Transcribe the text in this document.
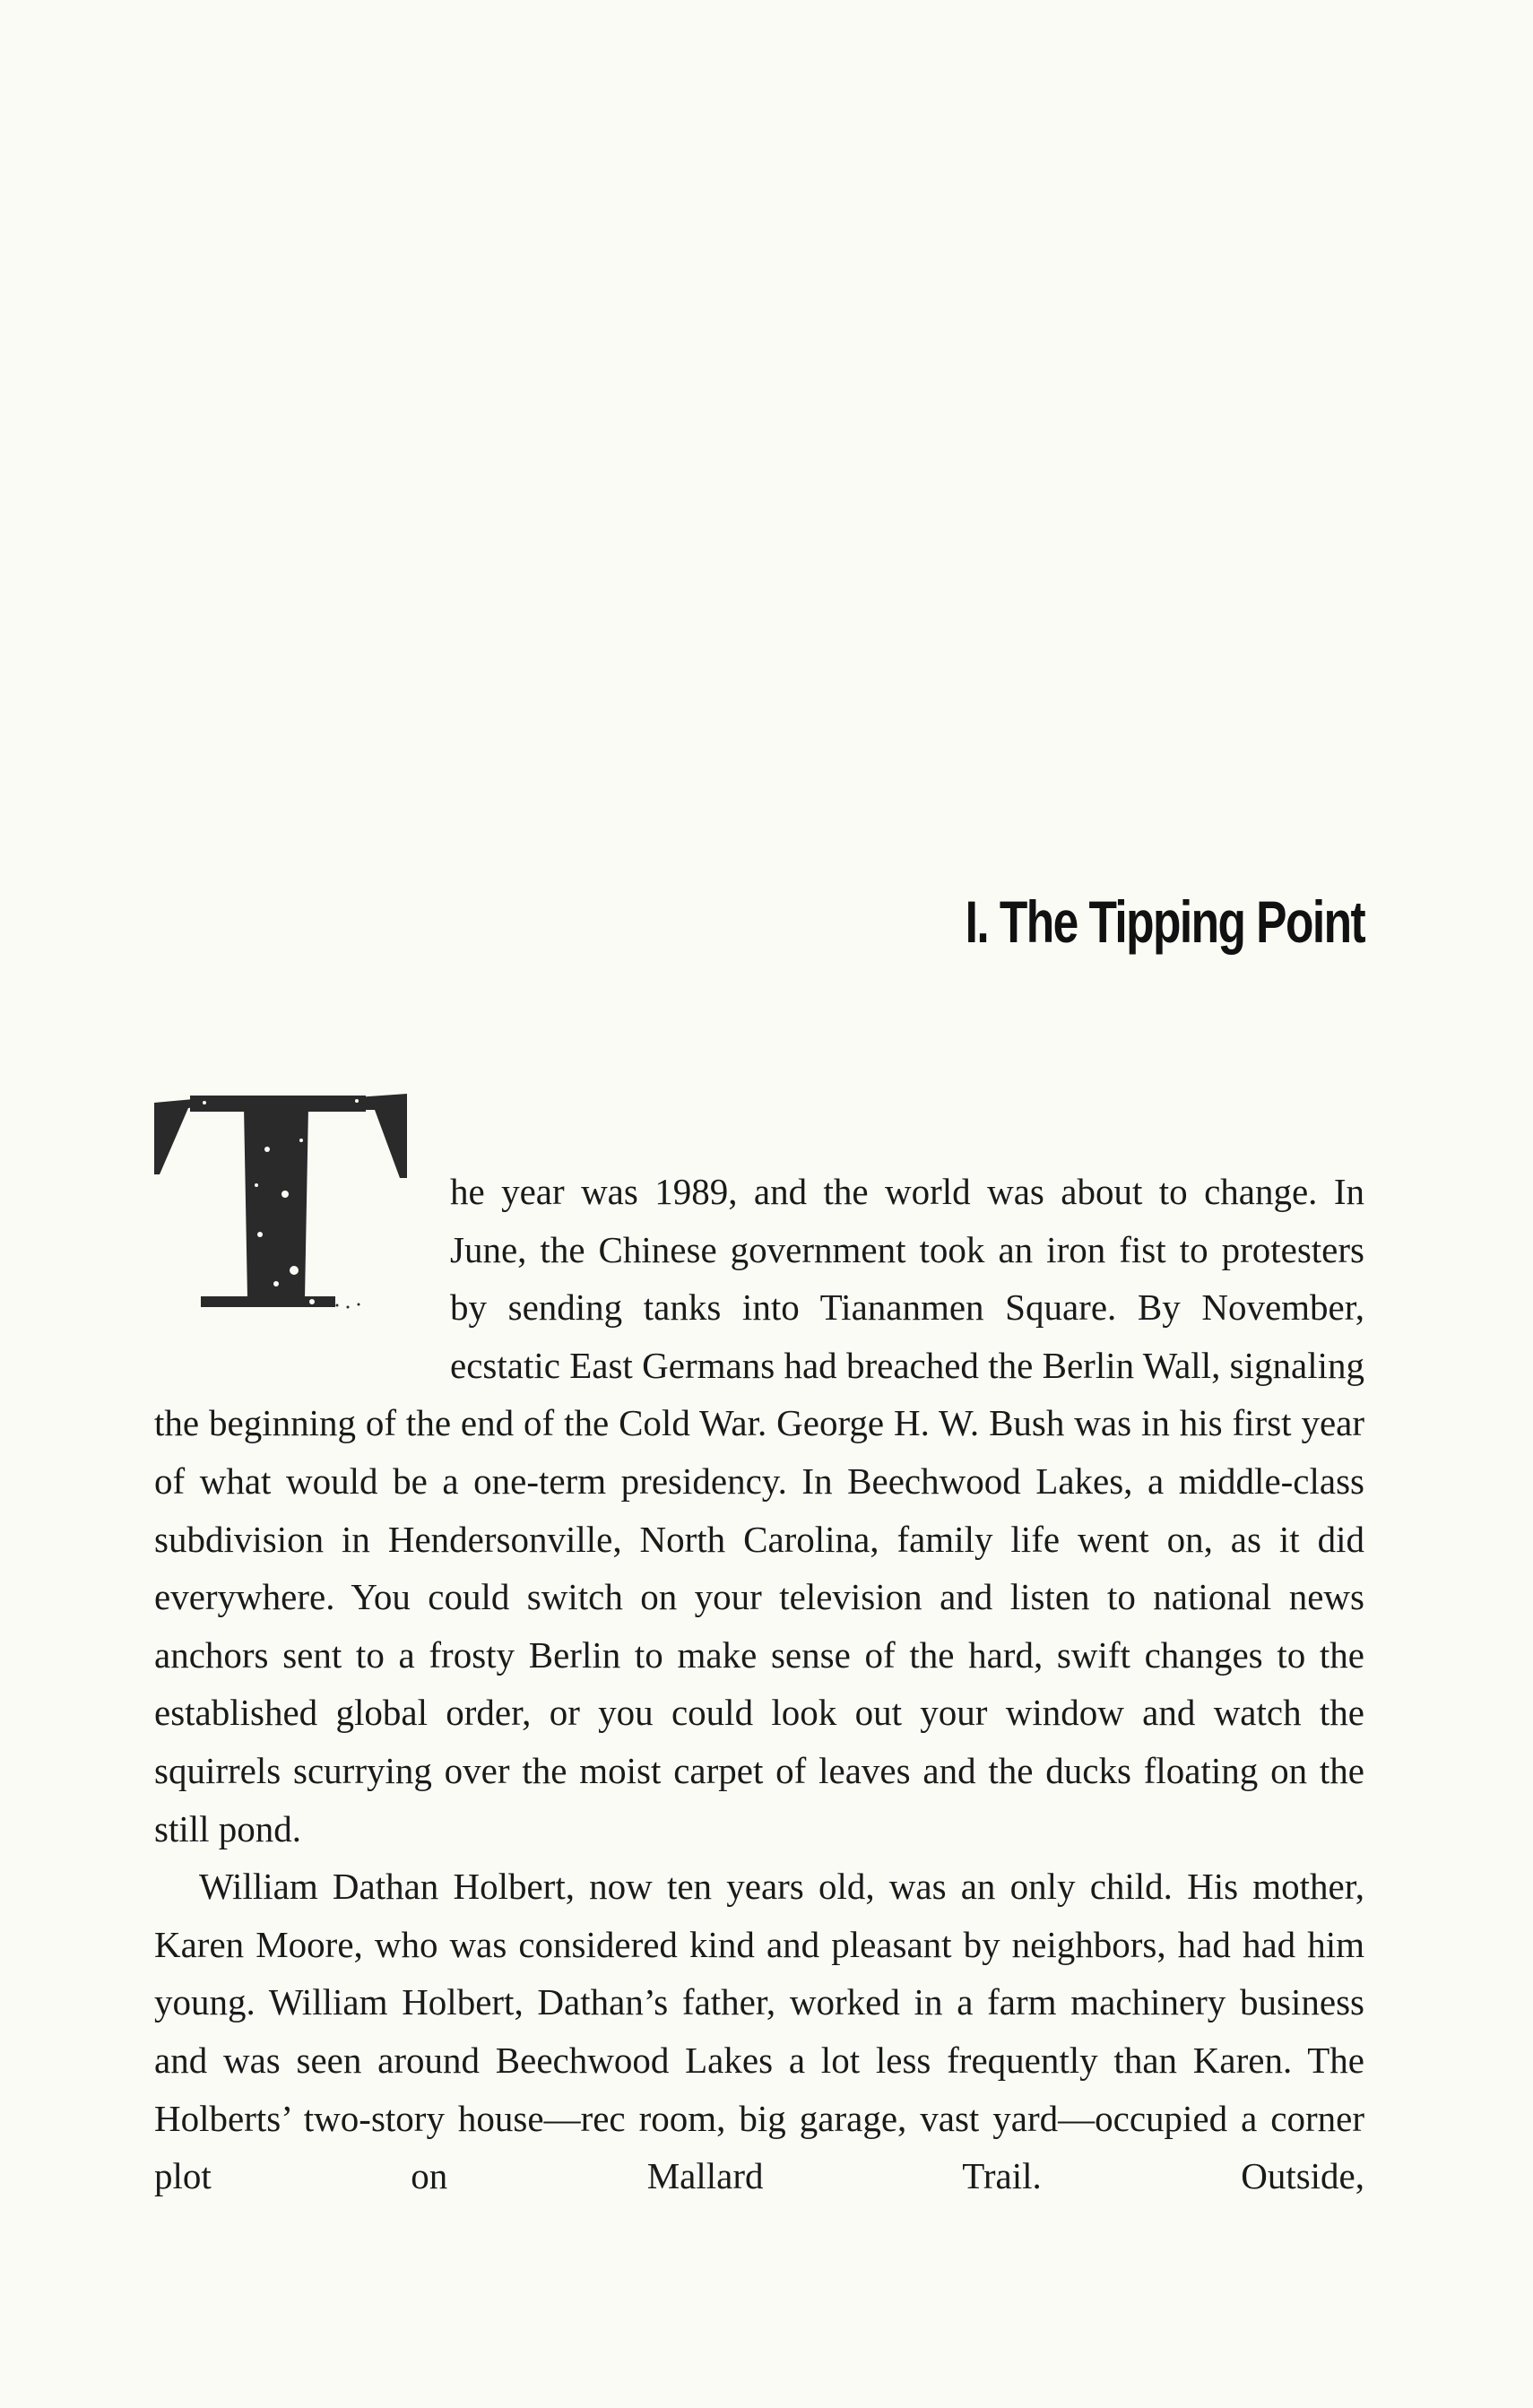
I. The Tipping Point

he year was 1989, and the world was about to change. In June, the Chinese government took an iron fist to protesters by sending tanks into Tiananmen Square. By November, ecstatic East Germans had breached the Berlin Wall, signaling the beginning of the end of the Cold War. George H. W. Bush was in his first year of what would be a one-term presidency. In Beechwood Lakes, a middle-class subdivision in Hendersonville, North Carolina, family life went on, as it did everywhere. You could switch on your television and listen to national news anchors sent to a frosty Berlin to make sense of the hard, swift changes to the established global order, or you could look out your window and watch the squirrels scurrying over the moist carpet of leaves and the ducks floating on the still pond.

William Dathan Holbert, now ten years old, was an only child. His mother, Karen Moore, who was considered kind and pleasant by neighbors, had had him young. William Holbert, Dathan’s father, worked in a farm machinery business and was seen around Beechwood Lakes a lot less frequently than Karen. The Holberts’ two-story house—rec room, big garage, vast yard—occupied a corner plot on Mallard Trail. Outside,
